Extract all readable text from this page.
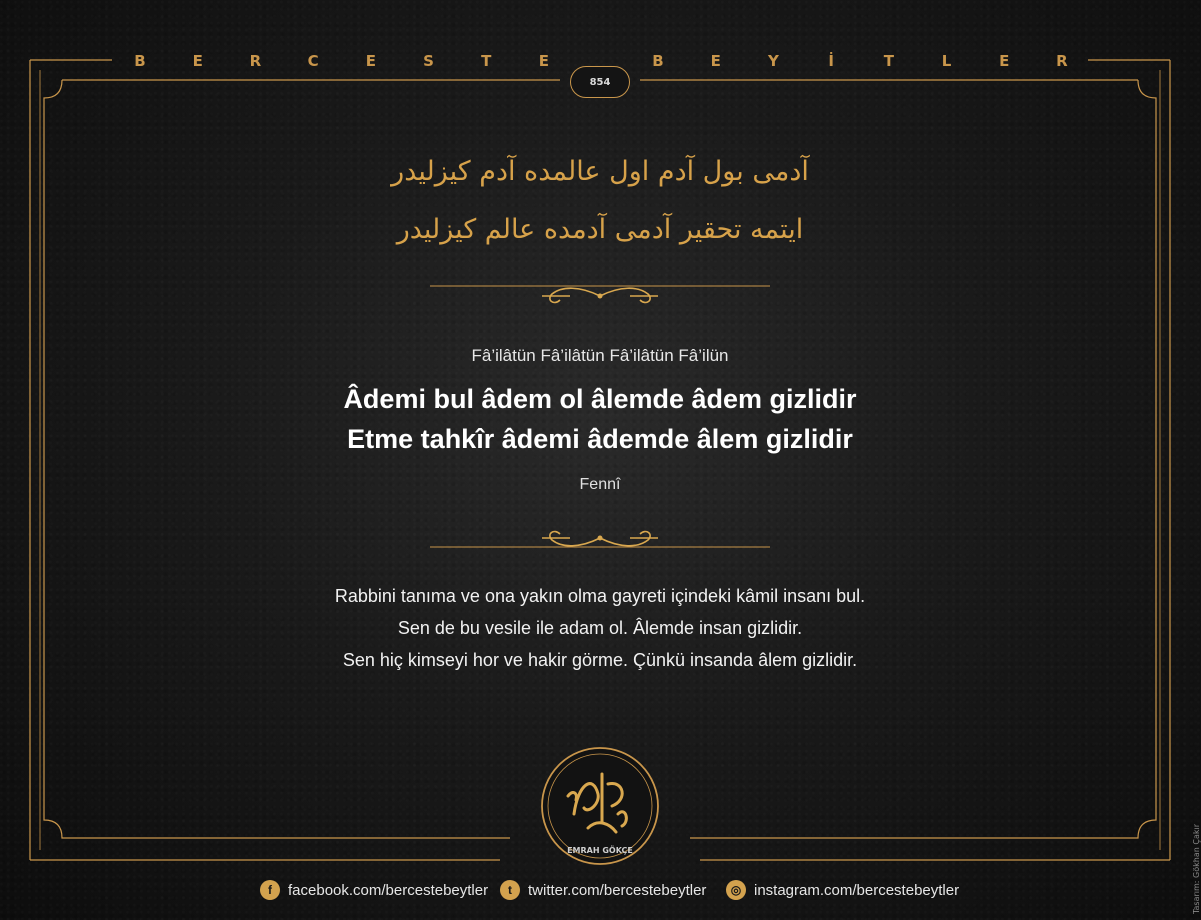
B	E	R	C	E	S	T	E	B	E	Y	İ	T	L	E	R
854
آدمی بول آدم اول عالمده آدم کیزلیدر
ایتمه تحقیر آدمی آدمده عالم کیزلیدر
Fâ’ilâtün Fâ’ilâtün Fâ’ilâtün Fâ’ilün
Âdemi bul âdem ol âlemde âdem gizlidir
Etme tahkîr âdemi âdemde âlem gizlidir
Fennî
Rabbini tanıma ve ona yakın olma gayreti içindeki kâmil insanı bul.
Sen de bu vesile ile adam ol. Âlemde insan gizlidir.
Sen hiç kimseyi hor ve hakir görme. Çünkü insanda âlem gizlidir.
EMRAH GÖKÇE
f	facebook.com/bercestebeytler	t	twitter.com/bercestebeytler	◎ instagram.com/bercestebeytler	Tasarım: Gökhan Çakır
